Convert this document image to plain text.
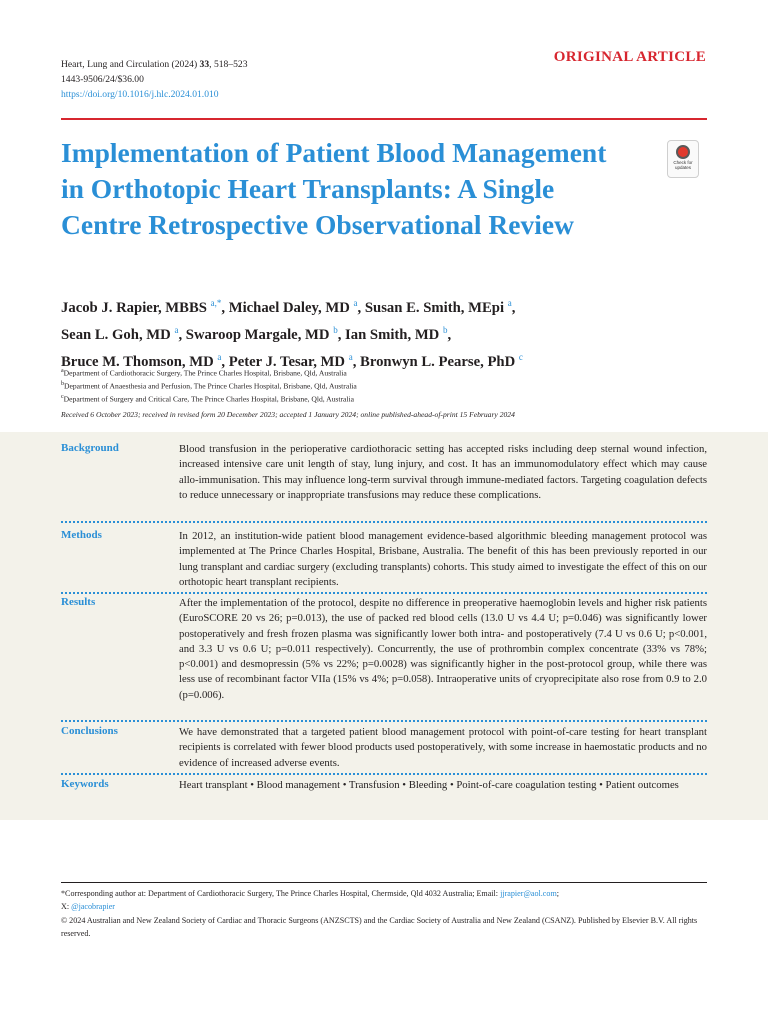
Heart, Lung and Circulation (2024) 33, 518–523
1443-9506/24/$36.00
https://doi.org/10.1016/j.hlc.2024.01.010
ORIGINAL ARTICLE
Implementation of Patient Blood Management in Orthotopic Heart Transplants: A Single Centre Retrospective Observational Review
Check for
updates
Jacob J. Rapier, MBBS $^{a,*}$, Michael Daley, MD $^a$, Susan E. Smith, MEpi $^a$,
Sean L. Goh, MD $^a$, Swaroop Margale, MD $^b$, Ian Smith, MD $^b$,
Bruce M. Thomson, MD $^a$, Peter J. Tesar, MD $^a$, Bronwyn L. Pearse, PhD $^c$
$^a$Department of Cardiothoracic Surgery, The Prince Charles Hospital, Brisbane, Qld, Australia
$^b$Department of Anaesthesia and Perfusion, The Prince Charles Hospital, Brisbane, Qld, Australia
$^c$Department of Surgery and Critical Care, The Prince Charles Hospital, Brisbane, Qld, Australia
Received 6 October 2023; received in revised form 20 December 2023; accepted 1 January 2024; online published-ahead-of-print 15 February 2024
Background	Blood transfusion in the perioperative cardiothoracic setting has accepted risks including deep sternal wound infection, increased intensive care unit length of stay, lung injury, and cost. It has an immunomodulatory effect which may cause allo-immunisation. This may influence long-term survival through immune-mediated factors. Targeting coagulation defects to reduce unnecessary or inappropriate transfusions may reduce these complications.
Methods	In 2012, an institution-wide patient blood management evidence-based algorithmic bleeding management protocol was implemented at The Prince Charles Hospital, Brisbane, Australia. The benefit of this has been previously reported in our lung transplant and cardiac surgery (excluding transplants) cohorts. This study aimed to investigate the effect of this on our orthotopic heart transplant recipients.
Results	After the implementation of the protocol, despite no difference in preoperative haemoglobin levels and higher risk patients (EuroSCORE 20 vs 26; p=0.013), the use of packed red blood cells (13.0 U vs 4.4 U; p=0.046) was significantly lower postoperatively and fresh frozen plasma was significantly lower both intra- and postoperatively (7.4 U vs 0.6 U; p<0.001, and 3.3 U vs 0.6 U; p=0.011 respectively). Concurrently, the use of prothrombin complex concentrate (33% vs 78%; p<0.001) and desmopressin (5% vs 22%; p=0.0028) was significantly higher in the post-protocol group, while there was less use of recombinant factor VIIa (15% vs 4%; p=0.058). Intraoperative units of cryoprecipitate also rose from 0.9 to 2.0 (p=0.006).
Conclusions	We have demonstrated that a targeted patient blood management protocol with point-of-care testing for heart transplant recipients is correlated with fewer blood products used postoperatively, with some increase in haemostatic products and no evidence of increased adverse events.
Keywords	Heart transplant • Blood management • Transfusion • Bleeding • Point-of-care coagulation testing • Patient outcomes
*Corresponding author at: Department of Cardiothoracic Surgery, The Prince Charles Hospital, Chermside, Qld 4032 Australia; Email: jjrapier@aol.com;
X: @jacobrapier
© 2024 Australian and New Zealand Society of Cardiac and Thoracic Surgeons (ANZSCTS) and the Cardiac Society of Australia and New Zealand (CSANZ). Published by Elsevier B.V. All rights reserved.
